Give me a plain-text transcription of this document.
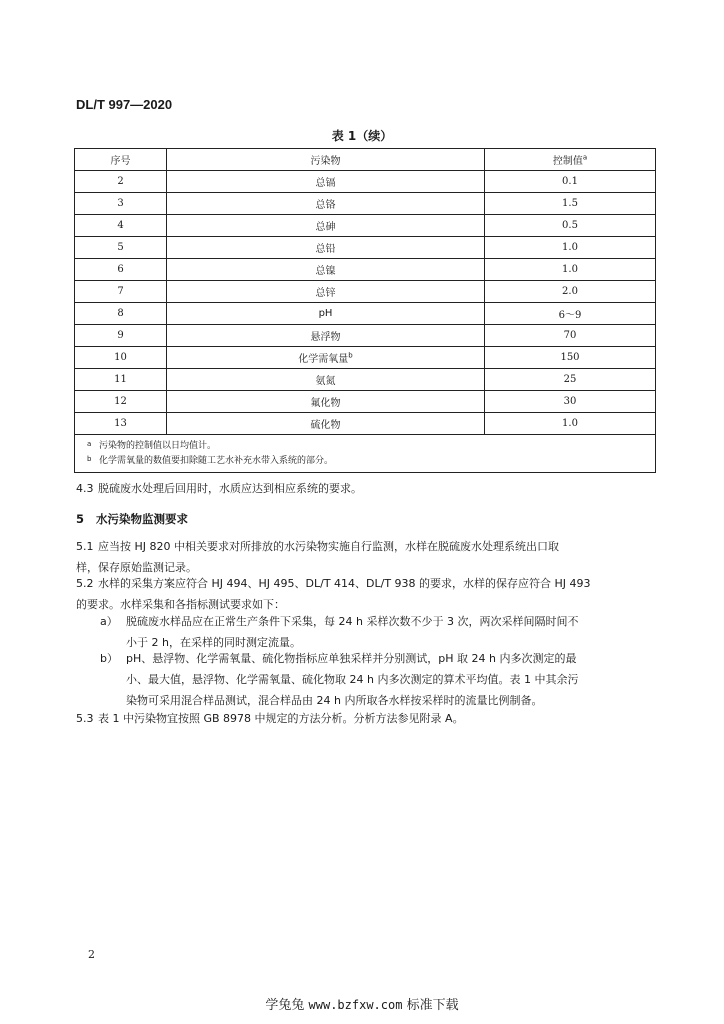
DL/T 997—2020
表 1（续）
序号	污染物	控制值$^a$
2	总镉	0.1
3	总铬	1.5
4	总砷	0.5
5	总铅	1.0
6	总镍	1.0
7	总锌	2.0
8	pH	6～9
9	悬浮物	70
10	化学需氧量$^b$	150
11	氨氮	25
12	氟化物	30
13	硫化物	1.0

a 污染物的控制值以日均值计。
b 化学需氧量的数值要扣除随工艺水补充水带入系统的部分。		
4.3 脱硫废水处理后回用时，水质应达到相应系统的要求。
5 水污染物监测要求
5.1 应当按 HJ 820 中相关要求对所排放的水污染物实施自行监测，水样在脱硫废水处理系统出口取
样，保存原始监测记录。
5.2 水样的采集方案应符合 HJ 494、HJ 495、DL/T 414、DL/T 938 的要求，水样的保存应符合 HJ 493
的要求。水样采集和各指标测试要求如下：
a） 脱硫废水样品应在正常生产条件下采集，每 24 h 采样次数不少于 3 次，两次采样间隔时间不
小于 2 h，在采样的同时测定流量。
b） pH、悬浮物、化学需氧量、硫化物指标应单独采样并分别测试，pH 取 24 h 内多次测定的最
小、最大值，悬浮物、化学需氧量、硫化物取 24 h 内多次测定的算术平均值。表 1 中其余污
染物可采用混合样品测试，混合样品由 24 h 内所取各水样按采样时的流量比例制备。
5.3 表 1 中污染物宜按照 GB 8978 中规定的方法分析。分析方法参见附录 A。
2
学兔兔 www.bzfxw.com 标准下载
